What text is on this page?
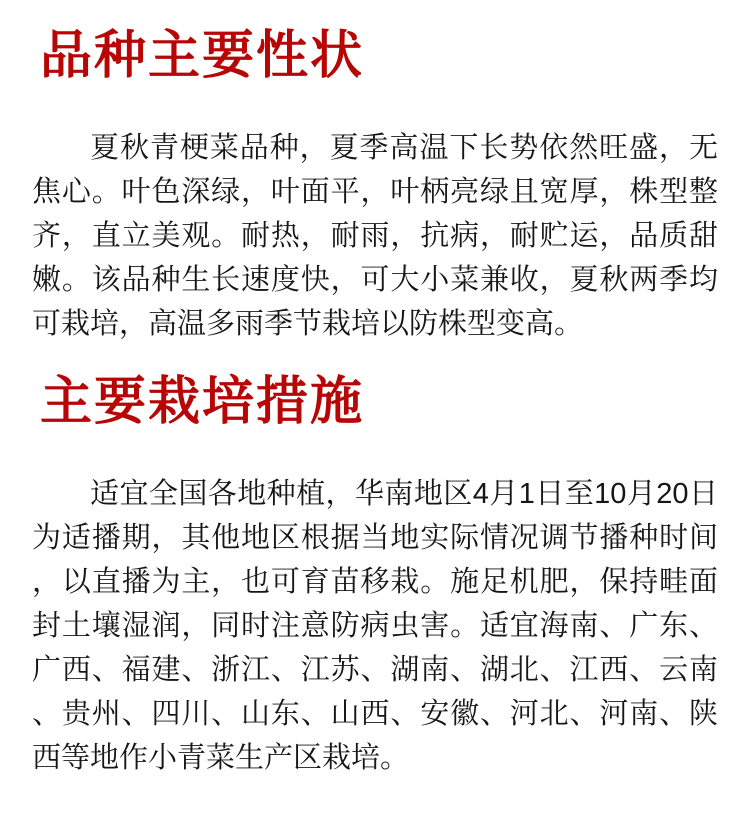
品种主要性状
夏秋青梗菜品种，夏季高温下长势依然旺盛，无
焦心。叶色深绿，叶面平，叶柄亮绿且宽厚，株型整
齐，直立美观。耐热，耐雨，抗病，耐贮运，品质甜
嫩。该品种生长速度快，可大小菜兼收，夏秋两季均
可栽培，高温多雨季节栽培以防株型变高。
主要栽培措施
适宜全国各地种植，华南地区4月1日至10月20日
为适播期，其他地区根据当地实际情况调节播种时间
，以直播为主，也可育苗移栽。施足机肥，保持畦面
封土壤湿润，同时注意防病虫害。适宜海南、广东、
广西、福建、浙江、江苏、湖南、湖北、江西、云南
、贵州、四川、山东、山西、安徽、河北、河南、陕
西等地作小青菜生产区栽培。
